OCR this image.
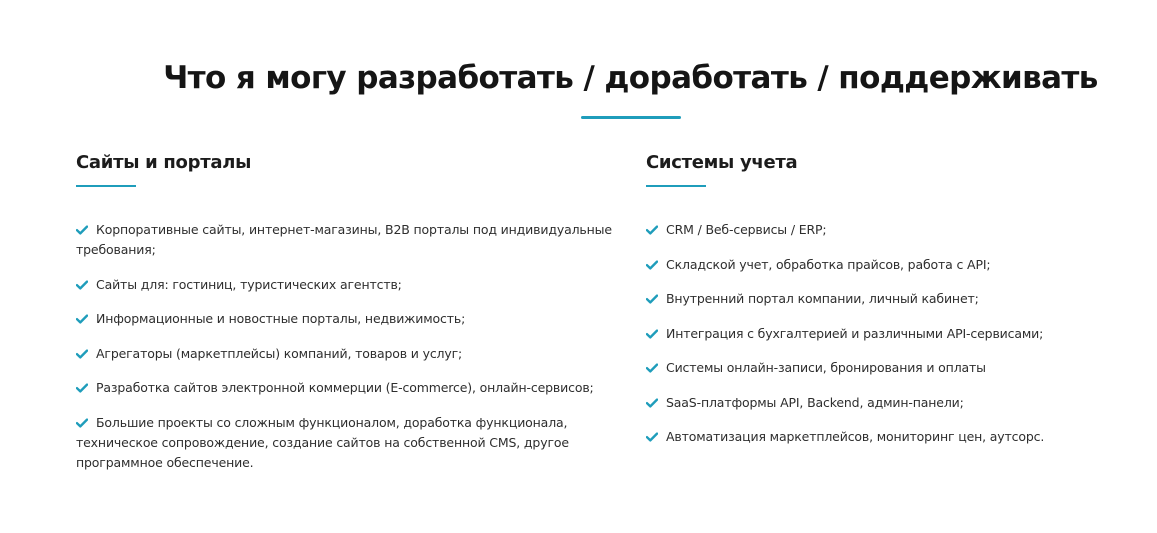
Что я могу разработать / доработать / поддерживать
Сайты и порталы
Корпоративные сайты, интернет-магазины, B2B порталы под индивидуальные требования;
Сайты для: гостиниц, туристических агентств;
Информационные и новостные порталы, недвижимость;
Агрегаторы (маркетплейсы) компаний, товаров и услуг;
Разработка сайтов электронной коммерции (E-commerce), онлайн-сервисов;
Большие проекты со сложным функционалом, доработка функционала, техническое сопровождение, создание сайтов на собственной CMS, другое программное обеспечение.
Системы учета
CRM / Веб-сервисы / ERP;
Складской учет, обработка прайсов, работа с API;
Внутренний портал компании, личный кабинет;
Интеграция с бухгалтерией и различными API-сервисами;
Системы онлайн-записи, бронирования и оплаты
SaaS-платформы API, Backend, админ-панели;
Автоматизация маркетплейсов, мониторинг цен, аутсорс.
